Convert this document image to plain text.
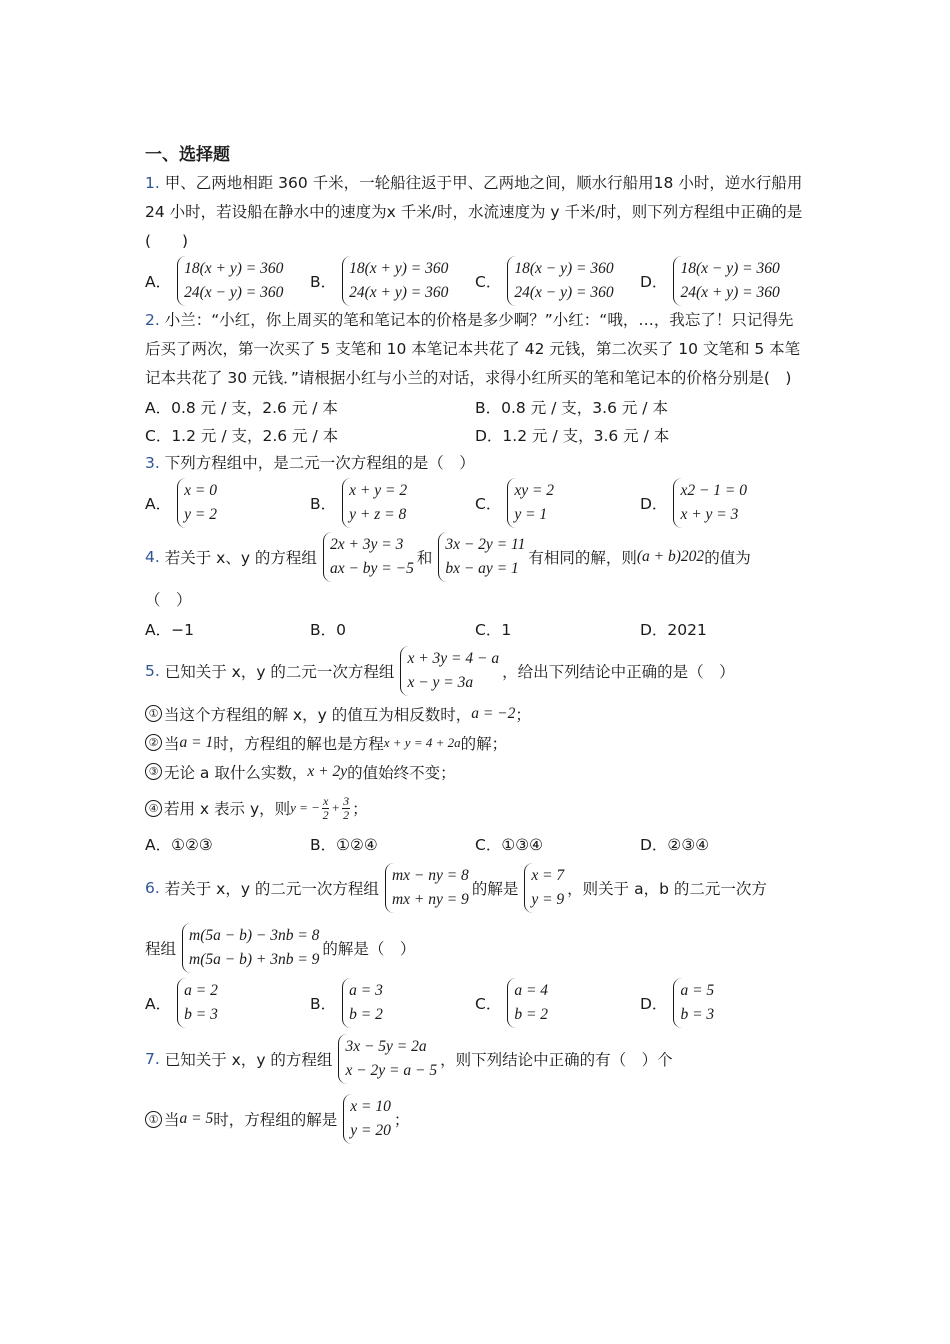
一、选择题
1. 甲、乙两地相距 360 千米，一轮船往返于甲、乙两地之间，顺水行船用18 小时，逆水行船用 24 小时，若设船在静水中的速度为x 千米/时，水流速度为 y 千米/时，则下列方程组中正确的是(　　)
A．
18(x + y) = 360
24(x − y) = 360
B．
18(x + y) = 360
24(x + y) = 360
C．
18(x − y) = 360
24(x − y) = 360
D．
18(x − y) = 360
24(x + y) = 360
2. 小兰：“小红，你上周买的笔和笔记本的价格是多少啊？”小红：“哦，…，我忘了！只记得先后买了两次，第一次买了 5 支笔和 10 本笔记本共花了 42 元钱，第二次买了 10 文笔和 5 本笔记本共花了 30 元钱．”请根据小红与小兰的对话，求得小红所买的笔和笔记本的价格分别是(　)
A．0.8 元 / 支，2.6 元 / 本	B．0.8 元 / 支，3.6 元 / 本
C．1.2 元 / 支，2.6 元 / 本	D．1.2 元 / 支，3.6 元 / 本
3. 下列方程组中，是二元一次方程组的是（　）
A．
x = 0
y = 2
B．
x + y = 2
y + z = 8
C．
xy = 2
y = 1
D．
x2 − 1 = 0
x + y = 3
4.
若关于 x、y 的方程组
2x + 3y = 3
ax − by = −5
和
3x − 2y = 11
bx − ay = 1
有相同的解，则 (a + b)202 的值为
（　）
A．−1	B．0	C．1	D．2021
5.
已知关于 x，y 的二元一次方程组
x + 3y = 4 − a
x − y = 3a
，给出下列结论中正确的是（　）
① 当这个方程组的解 x，y 的值互为相反数时， a = −2 ；
② 当 a = 1 时，方程组的解也是方程 x + y = 4 + 2a 的解；
③ 无论 a 取什么实数， x + 2y 的值始终不变；
④ 若用 x 表示 y，则 y = − $\frac{x}{2} + \frac{3}{2}$ ；
A．①②③	B．①②④	C．①③④	D．②③④
6.
若关于 x，y 的二元一次方程组
mx − ny = 8
mx + ny = 9
的解是
x = 7
y = 9
，则关于 a，b 的二元一次方
程组
m(5a − b) − 3nb = 8
m(5a − b) + 3nb = 9
的解是（　）
A．
a = 2
b = 3
B．
a = 3
b = 2
C．
a = 4
b = 2
D．
a = 5
b = 3
7.
已知关于 x，y 的方程组
3x − 5y = 2a
x − 2y = a − 5
，则下列结论中正确的有（　）个
① 当 a = 5 时，方程组的解是
x = 10
y = 20
；
